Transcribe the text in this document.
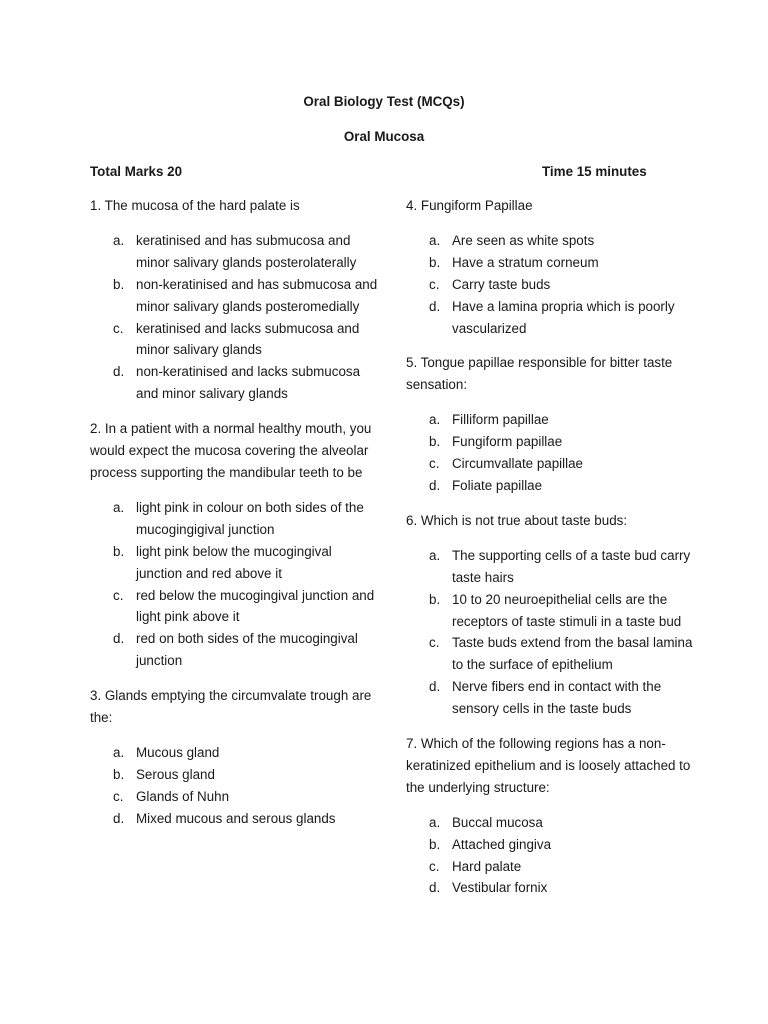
Oral Biology Test (MCQs)
Oral Mucosa
Total Marks 20	Time 15 minutes

1. The mucosa of the hard palate is

a. keratinised and has submucosa and minor salivary glands posterolaterally
b. non-keratinised and has submucosa and minor salivary glands posteromedially
c. keratinised and lacks submucosa and minor salivary glands
d. non-keratinised and lacks submucosa and minor salivary glands

2. In a patient with a normal healthy mouth, you would expect the mucosa covering the alveolar process supporting the mandibular teeth to be

a. light pink in colour on both sides of the mucogingigival junction
b. light pink below the mucogingival junction and red above it
c. red below the mucogingival junction and light pink above it
d. red on both sides of the mucogingival junction

3. Glands emptying the circumvalate trough are the:

a. Mucous gland
b. Serous gland
c. Glands of Nuhn
d. Mixed mucous and serous glands

4. Fungiform Papillae

a. Are seen as white spots
b. Have a stratum corneum
c. Carry taste buds
d. Have a lamina propria which is poorly vascularized

5. Tongue papillae responsible for bitter taste sensation:

a. Filliform papillae
b. Fungiform papillae
c. Circumvallate papillae
d. Foliate papillae

6. Which is not true about taste buds:

a. The supporting cells of a taste bud carry taste hairs
b. 10 to 20 neuroepithelial cells are the receptors of taste stimuli in a taste bud
c. Taste buds extend from the basal lamina to the surface of epithelium
d. Nerve fibers end in contact with the sensory cells in the taste buds

7. Which of the following regions has a non-keratinized epithelium and is loosely attached to the underlying structure:

a. Buccal mucosa
b. Attached gingiva
c. Hard palate
d. Vestibular fornix
